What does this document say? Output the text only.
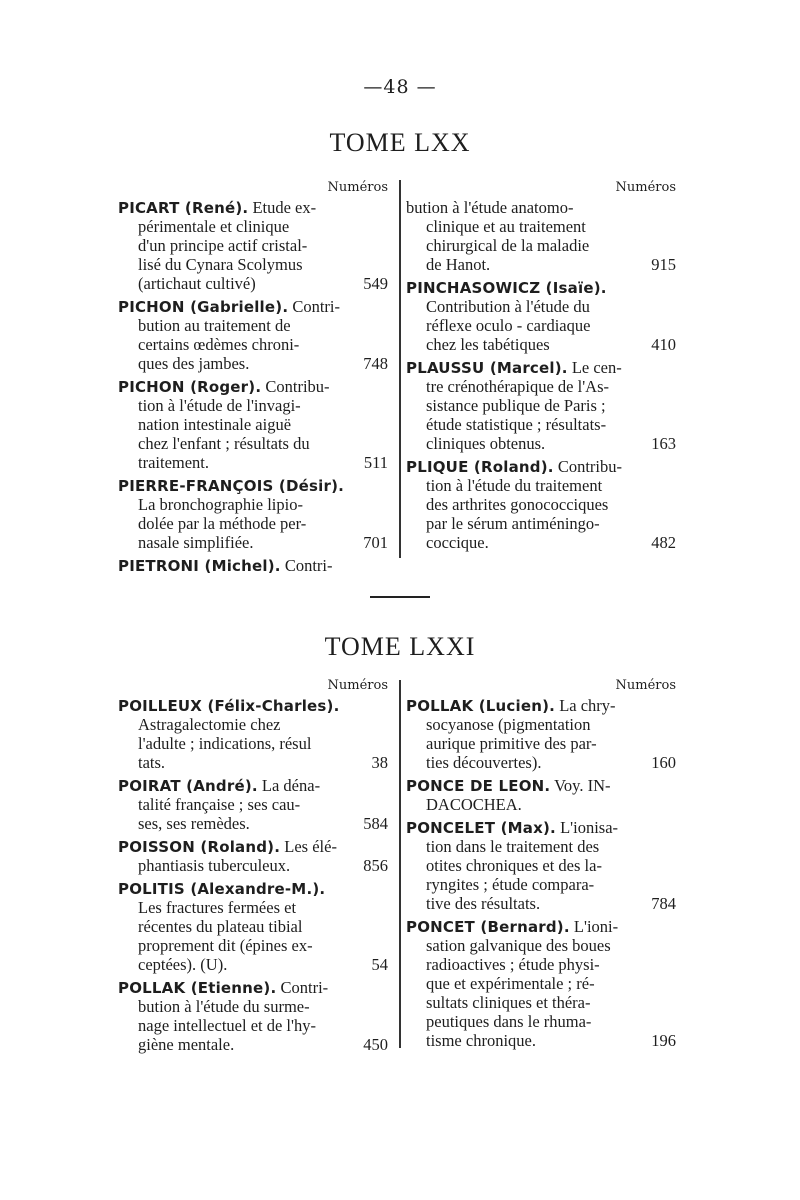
—48 —
TOME LXX
Numéros
PICART (René). Etude ex-
périmentale et clinique
d'un principe actif cristal-
lisé du Cynara Scolymus
(artichaut cultivé)	549
PICHON (Gabrielle). Contri-
bution au traitement de
certains œdèmes chroni-
ques des jambes.	748
PICHON (Roger). Contribu-
tion à l'étude de l'invagi-
nation intestinale aiguë
chez l'enfant ; résultats du
traitement.	511
PIERRE-FRANÇOIS (Désir).
La bronchographie lipio-
dolée par la méthode per-
nasale simplifiée.	701
PIETRONI (Michel). Contri-
Numéros
bution à l'étude anatomo-
clinique et au traitement
chirurgical de la maladie
de Hanot.	915
PINCHASOWICZ (Isaïe).
Contribution à l'étude du
réflexe oculo - cardiaque
chez les tabétiques	410
PLAUSSU (Marcel). Le cen-
tre crénothérapique de l'As-
sistance publique de Paris ;
étude statistique ; résultats-
cliniques obtenus.	163
PLIQUE (Roland). Contribu-
tion à l'étude du traitement
des arthrites gonococciques
par le sérum antiméningo-
coccique.	482
TOME LXXI
Numéros
POILLEUX (Félix-Charles).
Astragalectomie chez
l'adulte ; indications, résul
tats.	38
POIRAT (André). La déna-
talité française ; ses cau-
ses, ses remèdes.	584
POISSON (Roland). Les élé-
phantiasis tuberculeux.	856
POLITIS (Alexandre-M.).
Les fractures fermées et
récentes du plateau tibial
proprement dit (épines ex-
ceptées). (U).	54
POLLAK (Etienne). Contri-
bution à l'étude du surme-
nage intellectuel et de l'hy-
giène mentale.	450
Numéros
POLLAK (Lucien). La chry-
socyanose (pigmentation
aurique primitive des par-
ties découvertes).	160
PONCE DE LEON. Voy. IN-
DACOCHEA.
PONCELET (Max). L'ionisa-
tion dans le traitement des
otites chroniques et des la-
ryngites ; étude compara-
tive des résultats.	784
PONCET (Bernard). L'ioni-
sation galvanique des boues
radioactives ; étude physi-
que et expérimentale ; ré-
sultats cliniques et théra-
peutiques dans le rhuma-
tisme chronique.	196
